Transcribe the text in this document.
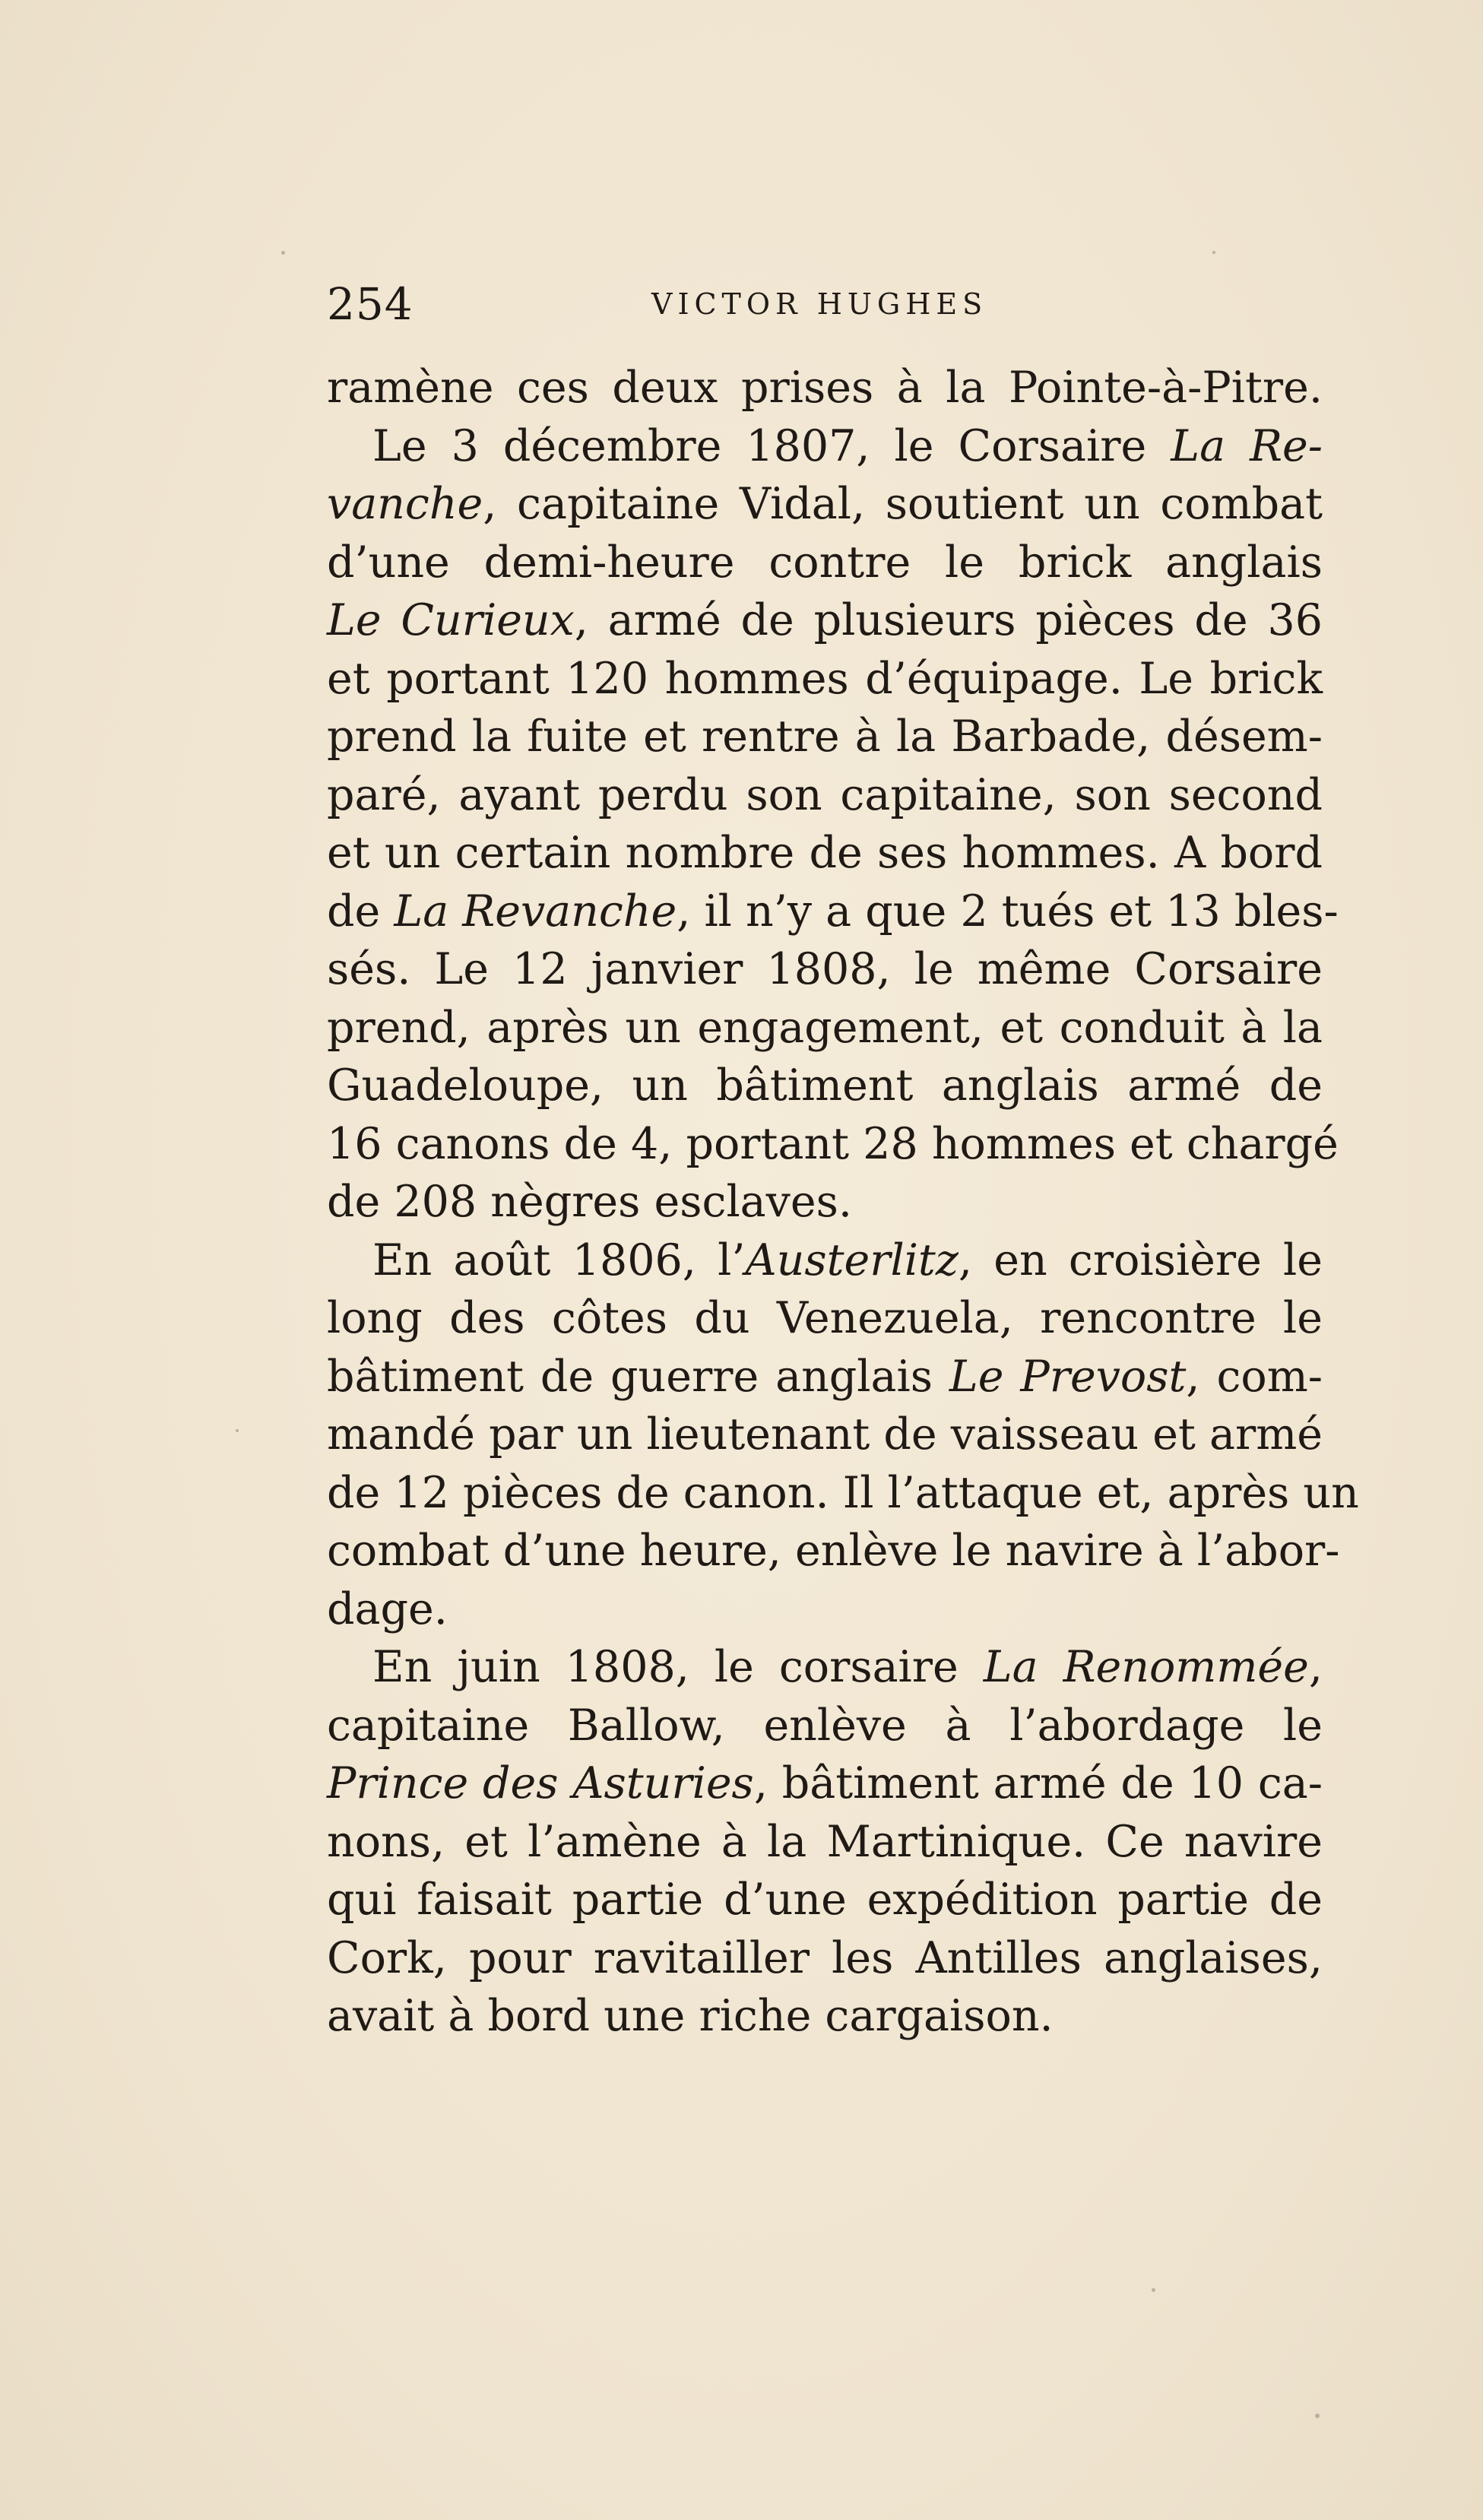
254	VICTOR HUGHES
ramène ces deux prises à la Pointe-à-Pitre.
Le 3 décembre 1807, le Corsaire La Re-
vanche, capitaine Vidal, soutient un combat
d’une demi-heure contre le brick anglais
Le Curieux, armé de plusieurs pièces de 36
et portant 120 hommes d’équipage. Le brick
prend la fuite et rentre à la Barbade, désem-
paré, ayant perdu son capitaine, son second
et un certain nombre de ses hommes. A bord
de La Revanche, il n’y a que 2 tués et 13 bles-
sés. Le 12 janvier 1808, le même Corsaire
prend, après un engagement, et conduit à la
Guadeloupe, un bâtiment anglais armé de
16 canons de 4, portant 28 hommes et chargé
de 208 nègres esclaves.
En août 1806, l’Austerlitz, en croisière le
long des côtes du Venezuela, rencontre le
bâtiment de guerre anglais Le Prevost, com-
mandé par un lieutenant de vaisseau et armé
de 12 pièces de canon. Il l’attaque et, après un
combat d’une heure, enlève le navire à l’abor-
dage.
En juin 1808, le corsaire La Renommée,
capitaine Ballow, enlève à l’abordage le
Prince des Asturies, bâtiment armé de 10 ca-
nons, et l’amène à la Martinique. Ce navire
qui faisait partie d’une expédition partie de
Cork, pour ravitailler les Antilles anglaises,
avait à bord une riche cargaison.
